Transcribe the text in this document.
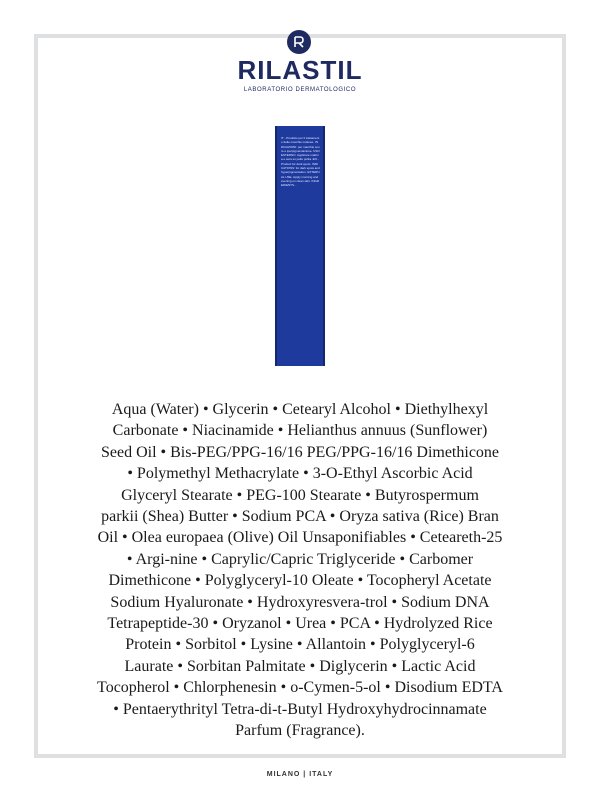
RILASTIL
LABORATORIO DERMATOLOGICO
IT - Prodotto per il trattamento delle macchie cutanee. INDICAZIONI: per macchie scure e iperpigmentazione. USO ESTERNO. Applicare mattina e sera su pelle pulita. EN - Product for dark spots. INDICATIONS: for dark spots and hyperpigmentation. EXTERNAL USE. Apply morning and evening on clean skin. INGREDIENTS...
Aqua (Water) • Glycerin • Cetearyl Alcohol • Diethylhexyl
Carbonate • Niacinamide • Helianthus annuus (Sunflower)
Seed Oil • Bis-PEG/PPG-16/16 PEG/PPG-16/16 Dimethicone
• Polymethyl Methacrylate • 3-O-Ethyl Ascorbic Acid
Glyceryl Stearate • PEG-100 Stearate • Butyrospermum
parkii (Shea) Butter • Sodium PCA • Oryza sativa (Rice) Bran
Oil • Olea europaea (Olive) Oil Unsaponifiables • Ceteareth-25
• Argi-nine • Caprylic/Capric Triglyceride • Carbomer
Dimethicone • Polyglyceryl-10 Oleate • Tocopheryl Acetate
Sodium Hyaluronate • Hydroxyresvera-trol • Sodium DNA
Tetrapeptide-30 • Oryzanol • Urea • PCA • Hydrolyzed Rice
Protein • Sorbitol • Lysine • Allantoin • Polyglyceryl-6
Laurate • Sorbitan Palmitate • Diglycerin • Lactic Acid
Tocopherol • Chlorphenesin • o-Cymen-5-ol • Disodium EDTA
• Pentaerythrityl Tetra-di-t-Butyl Hydroxyhydrocinnamate
Parfum (Fragrance).
MILANO | ITALY
